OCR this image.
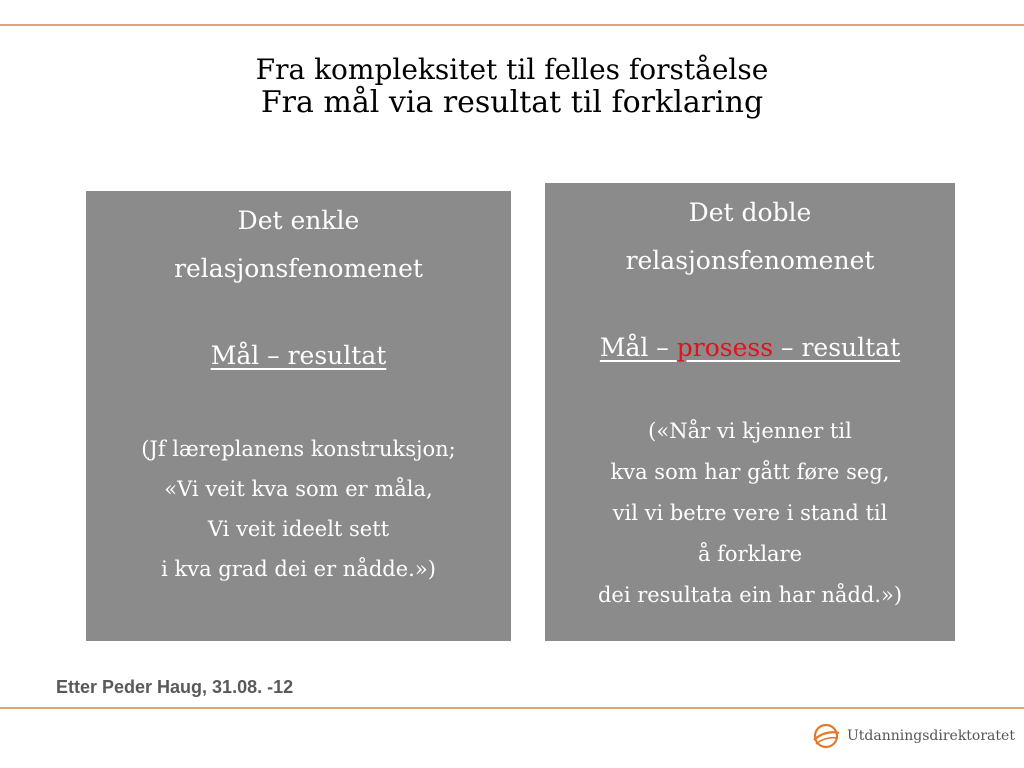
Fra kompleksitet til felles forståelse
Fra mål via resultat til forklaring
Det enkle
relasjonsfenomenet
Mål – resultat
(Jf læreplanens konstruksjon;
«Vi veit kva som er måla,
Vi veit ideelt sett
i kva grad dei er nådde.»)
Det doble
relasjonsfenomenet
Mål – prosess – resultat
(«Når vi kjenner til
kva som har gått føre seg,
vil vi betre vere i stand til
å forklare
dei resultata ein har nådd.»)
Etter Peder Haug, 31.08. -12
Utdanningsdirektoratet
